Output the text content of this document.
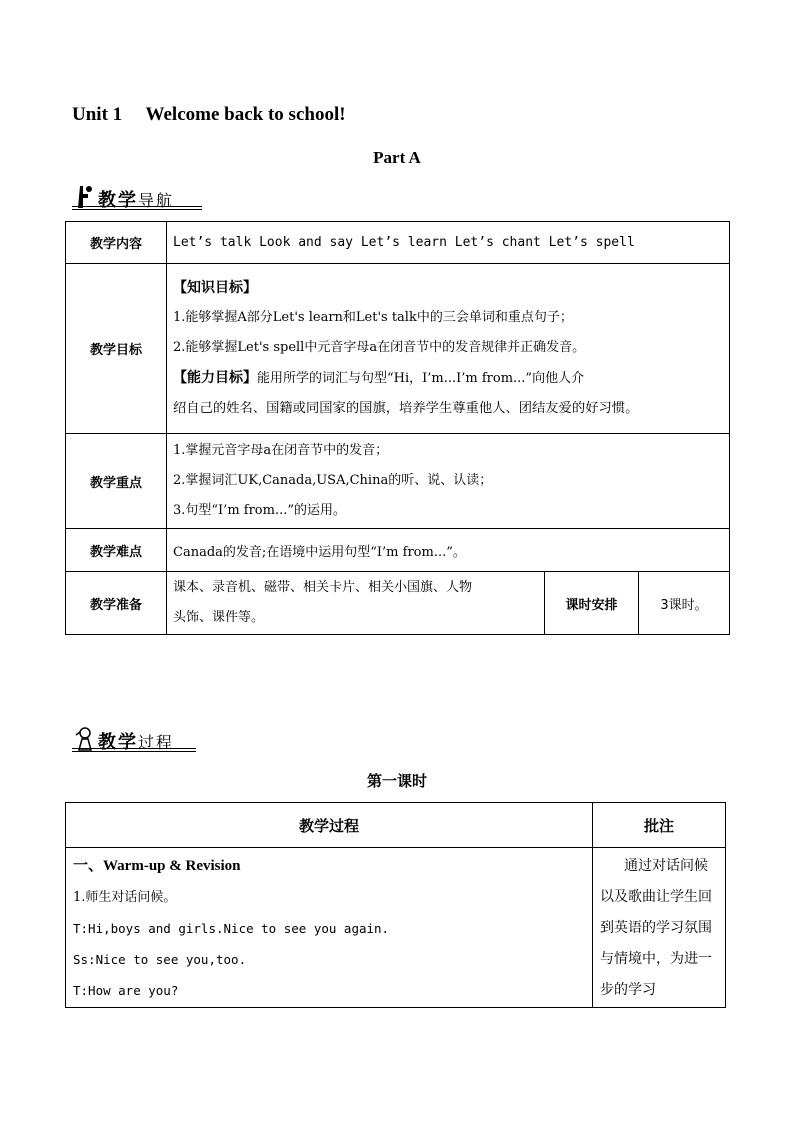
Unit 1     Welcome back to school!
Part A
教学导航
教学内容	Let’s talk Look and say Let’s learn Let’s chant Let’s spell		
教学目标	【知识目标】
1.能够掌握A部分Let's learn和Let's talk中的三会单词和重点句子；
2.能够掌握Let's spell中元音字母a在闭音节中的发音规律并正确发音。
【能力目标】能用所学的词汇与句型“Hi，I’m...I’m from...”向他人介
绍自己的姓名、国籍或同国家的国旗，培养学生尊重他人、团结友爱的好习惯。		

教学重点	1.掌握元音字母a在闭音节中的发音；
2.掌握词汇UK,Canada,USA,China的听、说、认读；
3.句型“I’m from...”的运用。		

教学难点	Canada的发音;在语境中运用句型“I’m from...”。		
教学准备	课本、录音机、磁带、相关卡片、相关小国旗、人物
头饰、课件等。	课时安排	3课时。
教学过程
第一课时
教学过程	批注

一、Warm-up & Revision
1.师生对话问候。
T:Hi,boys and girls.Nice to see you again.
Ss:Nice to see you,too.
T:How are you?	通过对话问候以及歌曲让学生回到英语的学习氛围与情境中，为进一步的学习
